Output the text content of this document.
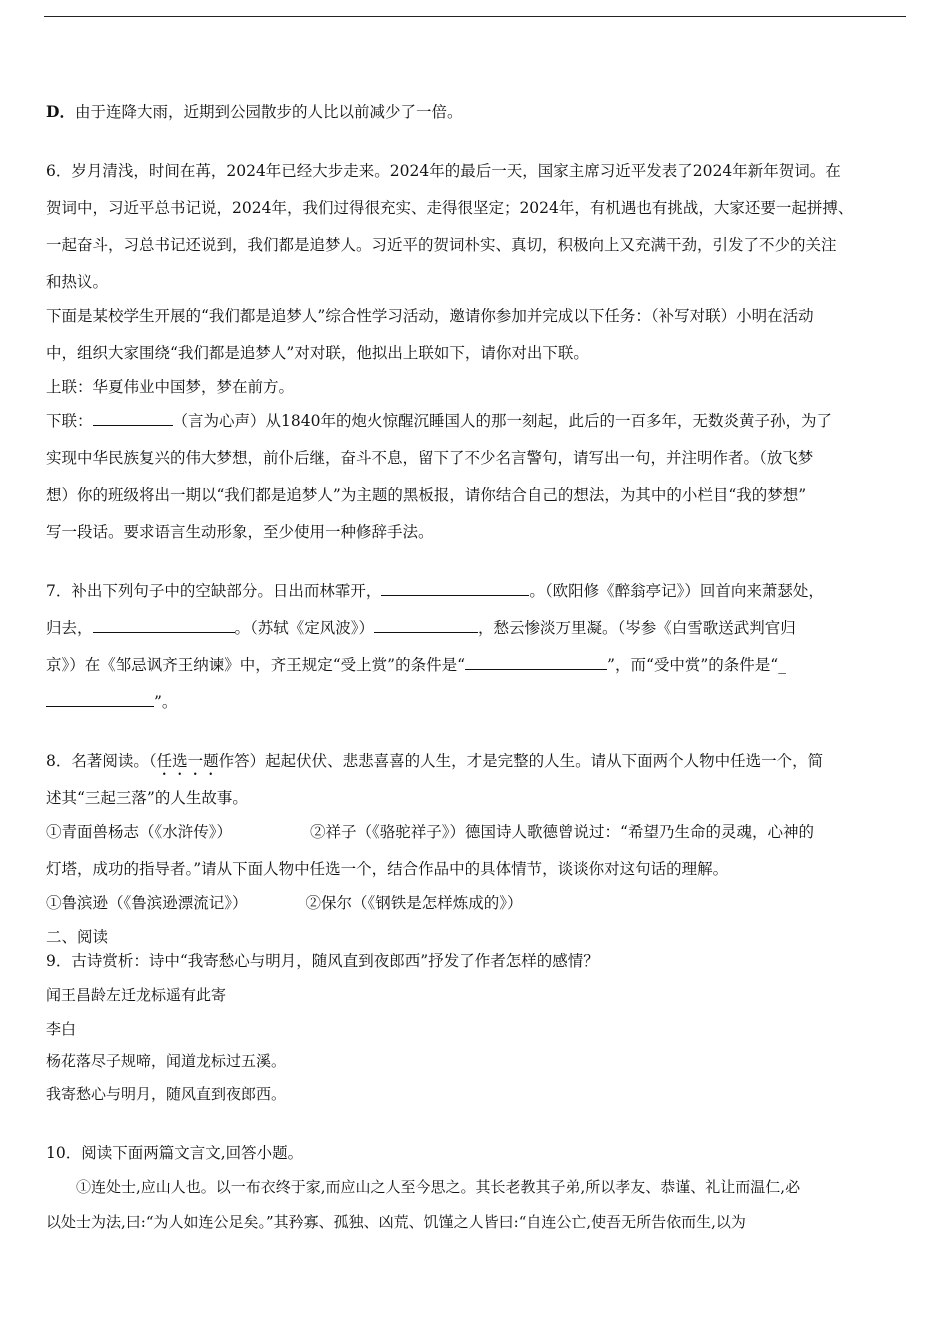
D．由于连降大雨，近期到公园散步的人比以前减少了一倍。
6．岁月清浅，时间在苒，2024年已经大步走来。2024年的最后一天，国家主席习近平发表了2024年新年贺词。在
贺词中，习近平总书记说，2024年，我们过得很充实、走得很坚定；2024年，有机遇也有挑战，大家还要一起拼搏、
一起奋斗，习总书记还说到，我们都是追梦人。习近平的贺词朴实、真切，积极向上又充满干劲，引发了不少的关注
和热议。
下面是某校学生开展的“我们都是追梦人”综合性学习活动，邀请你参加并完成以下任务：（补写对联）小明在活动
中，组织大家围绕“我们都是追梦人”对对联，他拟出上联如下，请你对出下联。
上联：华夏伟业中国梦，梦在前方。
下联：	（言为心声）从1840年的炮火惊醒沉睡国人的那一刻起，此后的一百多年，无数炎黄子孙，为了
实现中华民族复兴的伟大梦想，前仆后继，奋斗不息，留下了不少名言警句，请写出一句，并注明作者。（放飞梦
想）你的班级将出一期以“我们都是追梦人”为主题的黑板报，请你结合自己的想法，为其中的小栏目“我的梦想”
写一段话。要求语言生动形象，至少使用一种修辞手法。
7．补出下列句子中的空缺部分。日出而林霏开，	。（欧阳修《醉翁亭记》）回首向来萧瑟处，
归去，	。（苏轼《定风波》）	，愁云惨淡万里凝。（岑参《白雪歌送武判官归
京》）在《邹忌讽齐王纳谏》中，齐王规定“受上赏”的条件是“	”，而“受中赏”的条件是“_
”。
8．名著阅读。（任选一题作答）起起伏伏、悲悲喜喜的人生，才是完整的人生。请从下面两个人物中任选一个，简
述其“三起三落”的人生故事。
①青面兽杨志（《水浒传》）	②祥子（《骆驼祥子》）德国诗人歌德曾说过：“希望乃生命的灵魂，心神的
灯塔，成功的指导者。”请从下面人物中任选一个，结合作品中的具体情节，谈谈你对这句话的理解。
①鲁滨逊（《鲁滨逊漂流记》）	②保尔（《钢铁是怎样炼成的》）
二、阅读
9．古诗赏析：诗中“我寄愁心与明月，随风直到夜郎西”抒发了作者怎样的感情？
闻王昌龄左迁龙标遥有此寄
李白
杨花落尽子规啼，闻道龙标过五溪。
我寄愁心与明月，随风直到夜郎西。
10．阅读下面两篇文言文,回答小题。
①连处士,应山人也。以一布衣终于家,而应山之人至今思之。其长老教其子弟,所以孝友、恭谨、礼让而温仁,必
以处士为法,曰:“为人如连公足矣。”其矜寡、孤独、凶荒、饥馑之人皆曰:“自连公亡,使吾无所告依而生,以为
